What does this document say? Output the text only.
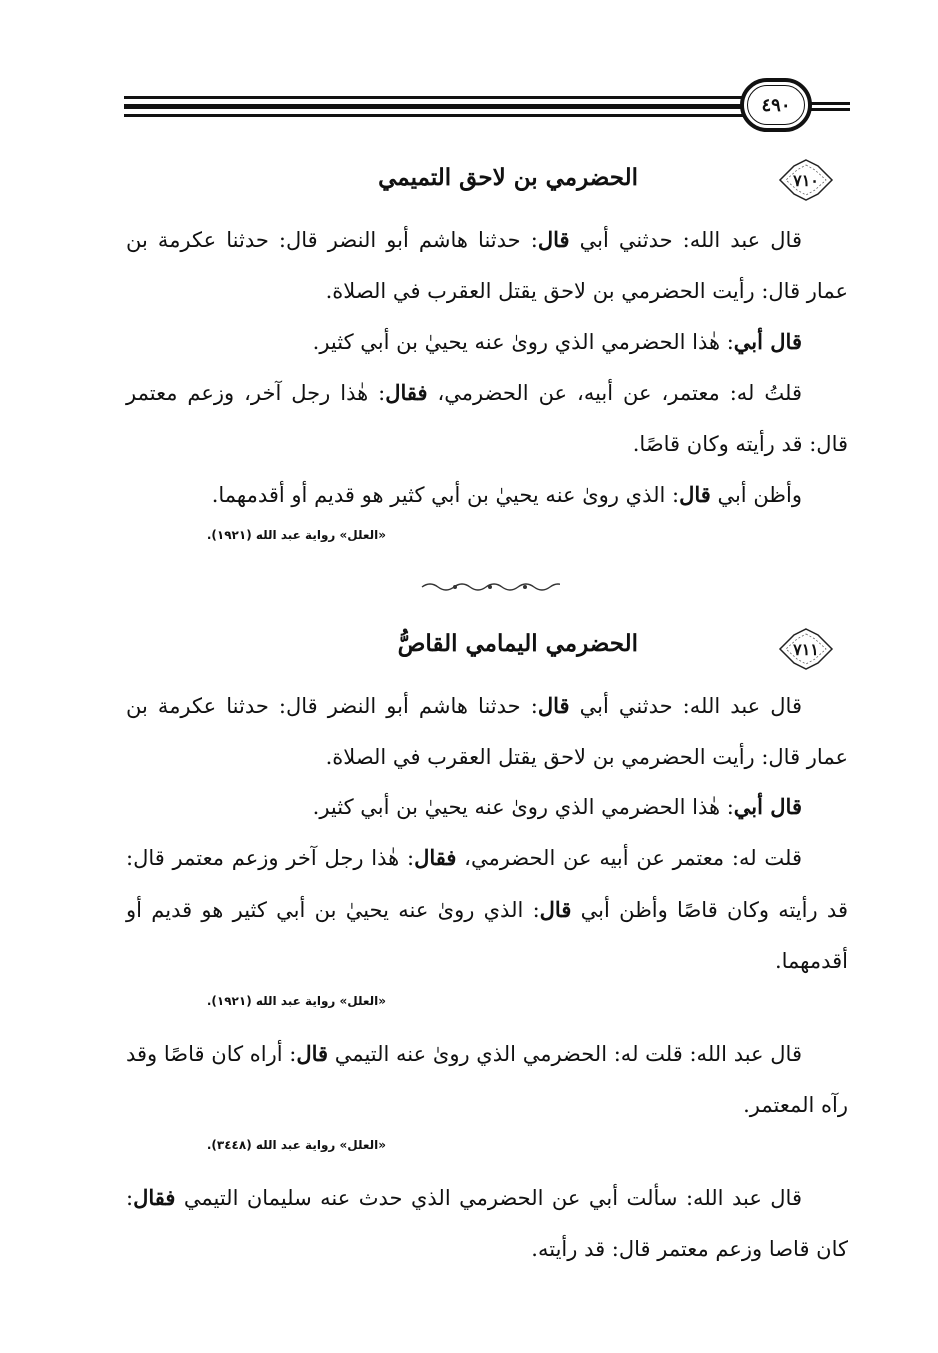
٤٩٠
٧١٠
الحضرمي بن لاحق التميمي
قال عبد الله: حدثني أبي قال: حدثنا هاشم أبو النضر قال: حدثنا عكرمة بن عمار قال: رأيت الحضرمي بن لاحق يقتل العقرب في الصلاة.
قال أبي: هٰذا الحضرمي الذي رویٰ عنه يحييٰ بن أبي كثير.
قلتُ له: معتمر، عن أبيه، عن الحضرمي، فقال: هٰذا رجل آخر، وزعم معتمر قال: قد رأيته وكان قاصًا.
وأظن أبي قال: الذي رویٰ عنه يحييٰ بن أبي كثير هو قديم أو أقدمهما.
«العلل» رواية عبد الله (١٩٢١).
٧١١
الحضرمي اليمامي القاصُّ
قال عبد الله: حدثني أبي قال: حدثنا هاشم أبو النضر قال: حدثنا عكرمة بن عمار قال: رأيت الحضرمي بن لاحق يقتل العقرب في الصلاة.
قال أبي: هٰذا الحضرمي الذي رویٰ عنه يحييٰ بن أبي كثير.
قلت له: معتمر عن أبيه عن الحضرمي، فقال: هٰذا رجل آخر وزعم معتمر قال: قد رأيته وكان قاصًا وأظن أبي قال: الذي رویٰ عنه يحييٰ بن أبي كثير هو قديم أو أقدمهما.
«العلل» رواية عبد الله (١٩٢١).
قال عبد الله: قلت له: الحضرمي الذي رویٰ عنه التيمي قال: أراه كان قاصًا وقد رآه المعتمر.
«العلل» رواية عبد الله (٣٤٤٨).
قال عبد الله: سألت أبي عن الحضرمي الذي حدث عنه سليمان التيمي فقال: كان قاصا وزعم معتمر قال: قد رأيته.
